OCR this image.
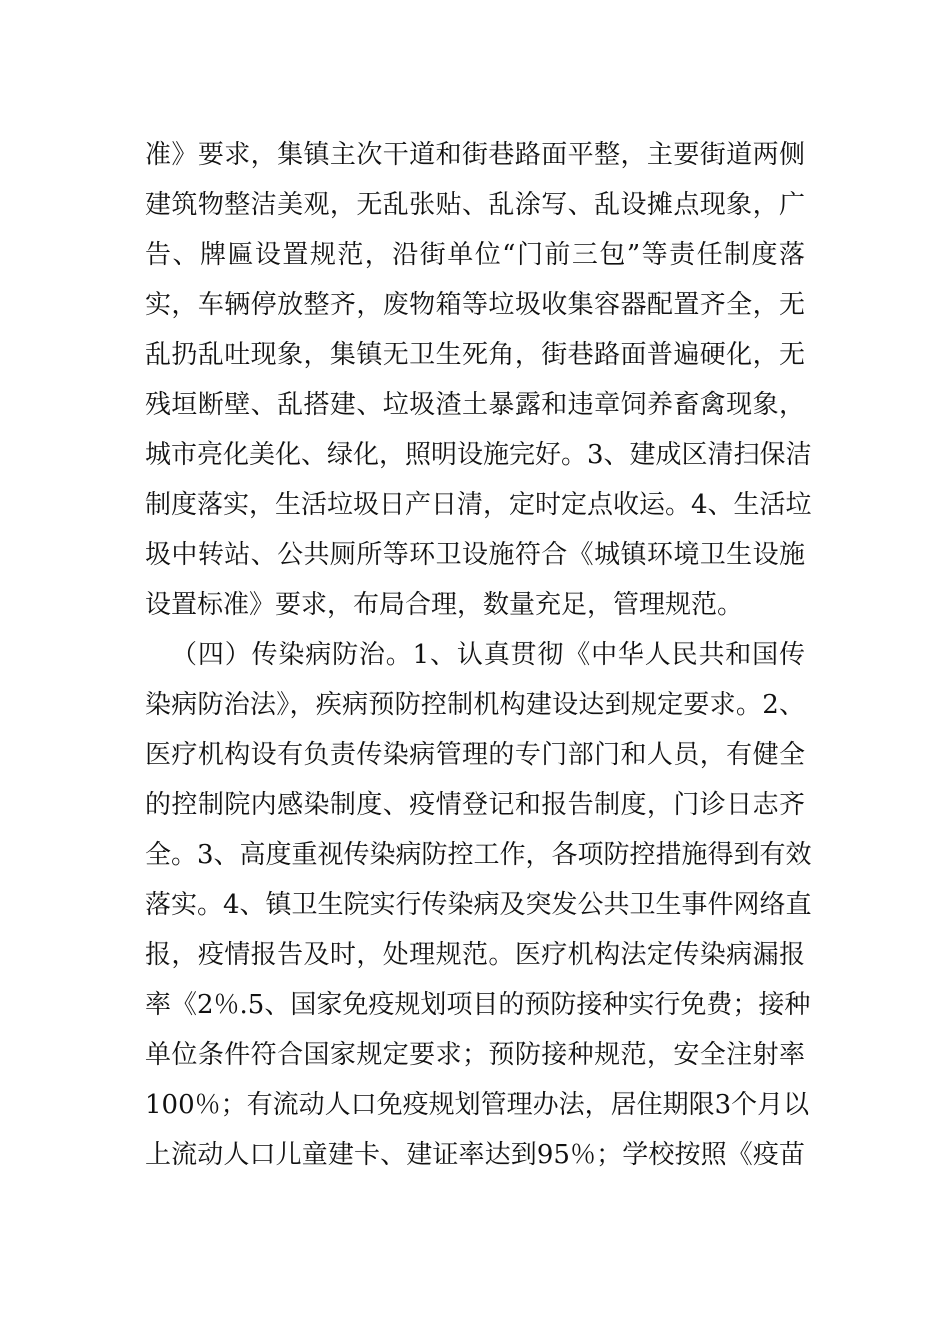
准》要求，集镇主次干道和街巷路面平整，主要街道两侧
建筑物整洁美观，无乱张贴、乱涂写、乱设摊点现象，广
告、牌匾设置规范，沿街单位“门前三包”等责任制度落
实，车辆停放整齐，废物箱等垃圾收集容器配置齐全，无
乱扔乱吐现象，集镇无卫生死角，街巷路面普遍硬化，无
残垣断壁、乱搭建、垃圾渣土暴露和违章饲养畜禽现象，
城市亮化美化、绿化，照明设施完好。3、建成区清扫保洁
制度落实，生活垃圾日产日清，定时定点收运。4、生活垃
圾中转站、公共厕所等环卫设施符合《城镇环境卫生设施
设置标准》要求，布局合理，数量充足，管理规范。
（四）传染病防治。1、认真贯彻《中华人民共和国传
染病防治法》，疾病预防控制机构建设达到规定要求。2、
医疗机构设有负责传染病管理的专门部门和人员，有健全
的控制院内感染制度、疫情登记和报告制度，门诊日志齐
全。3、高度重视传染病防控工作，各项防控措施得到有效
落实。4、镇卫生院实行传染病及突发公共卫生事件网络直
报，疫情报告及时，处理规范。医疗机构法定传染病漏报
率《2％.5、国家免疫规划项目的预防接种实行免费；接种
单位条件符合国家规定要求；预防接种规范，安全注射率
100％；有流动人口免疫规划管理办法，居住期限3个月以
上流动人口儿童建卡、建证率达到95％；学校按照《疫苗
